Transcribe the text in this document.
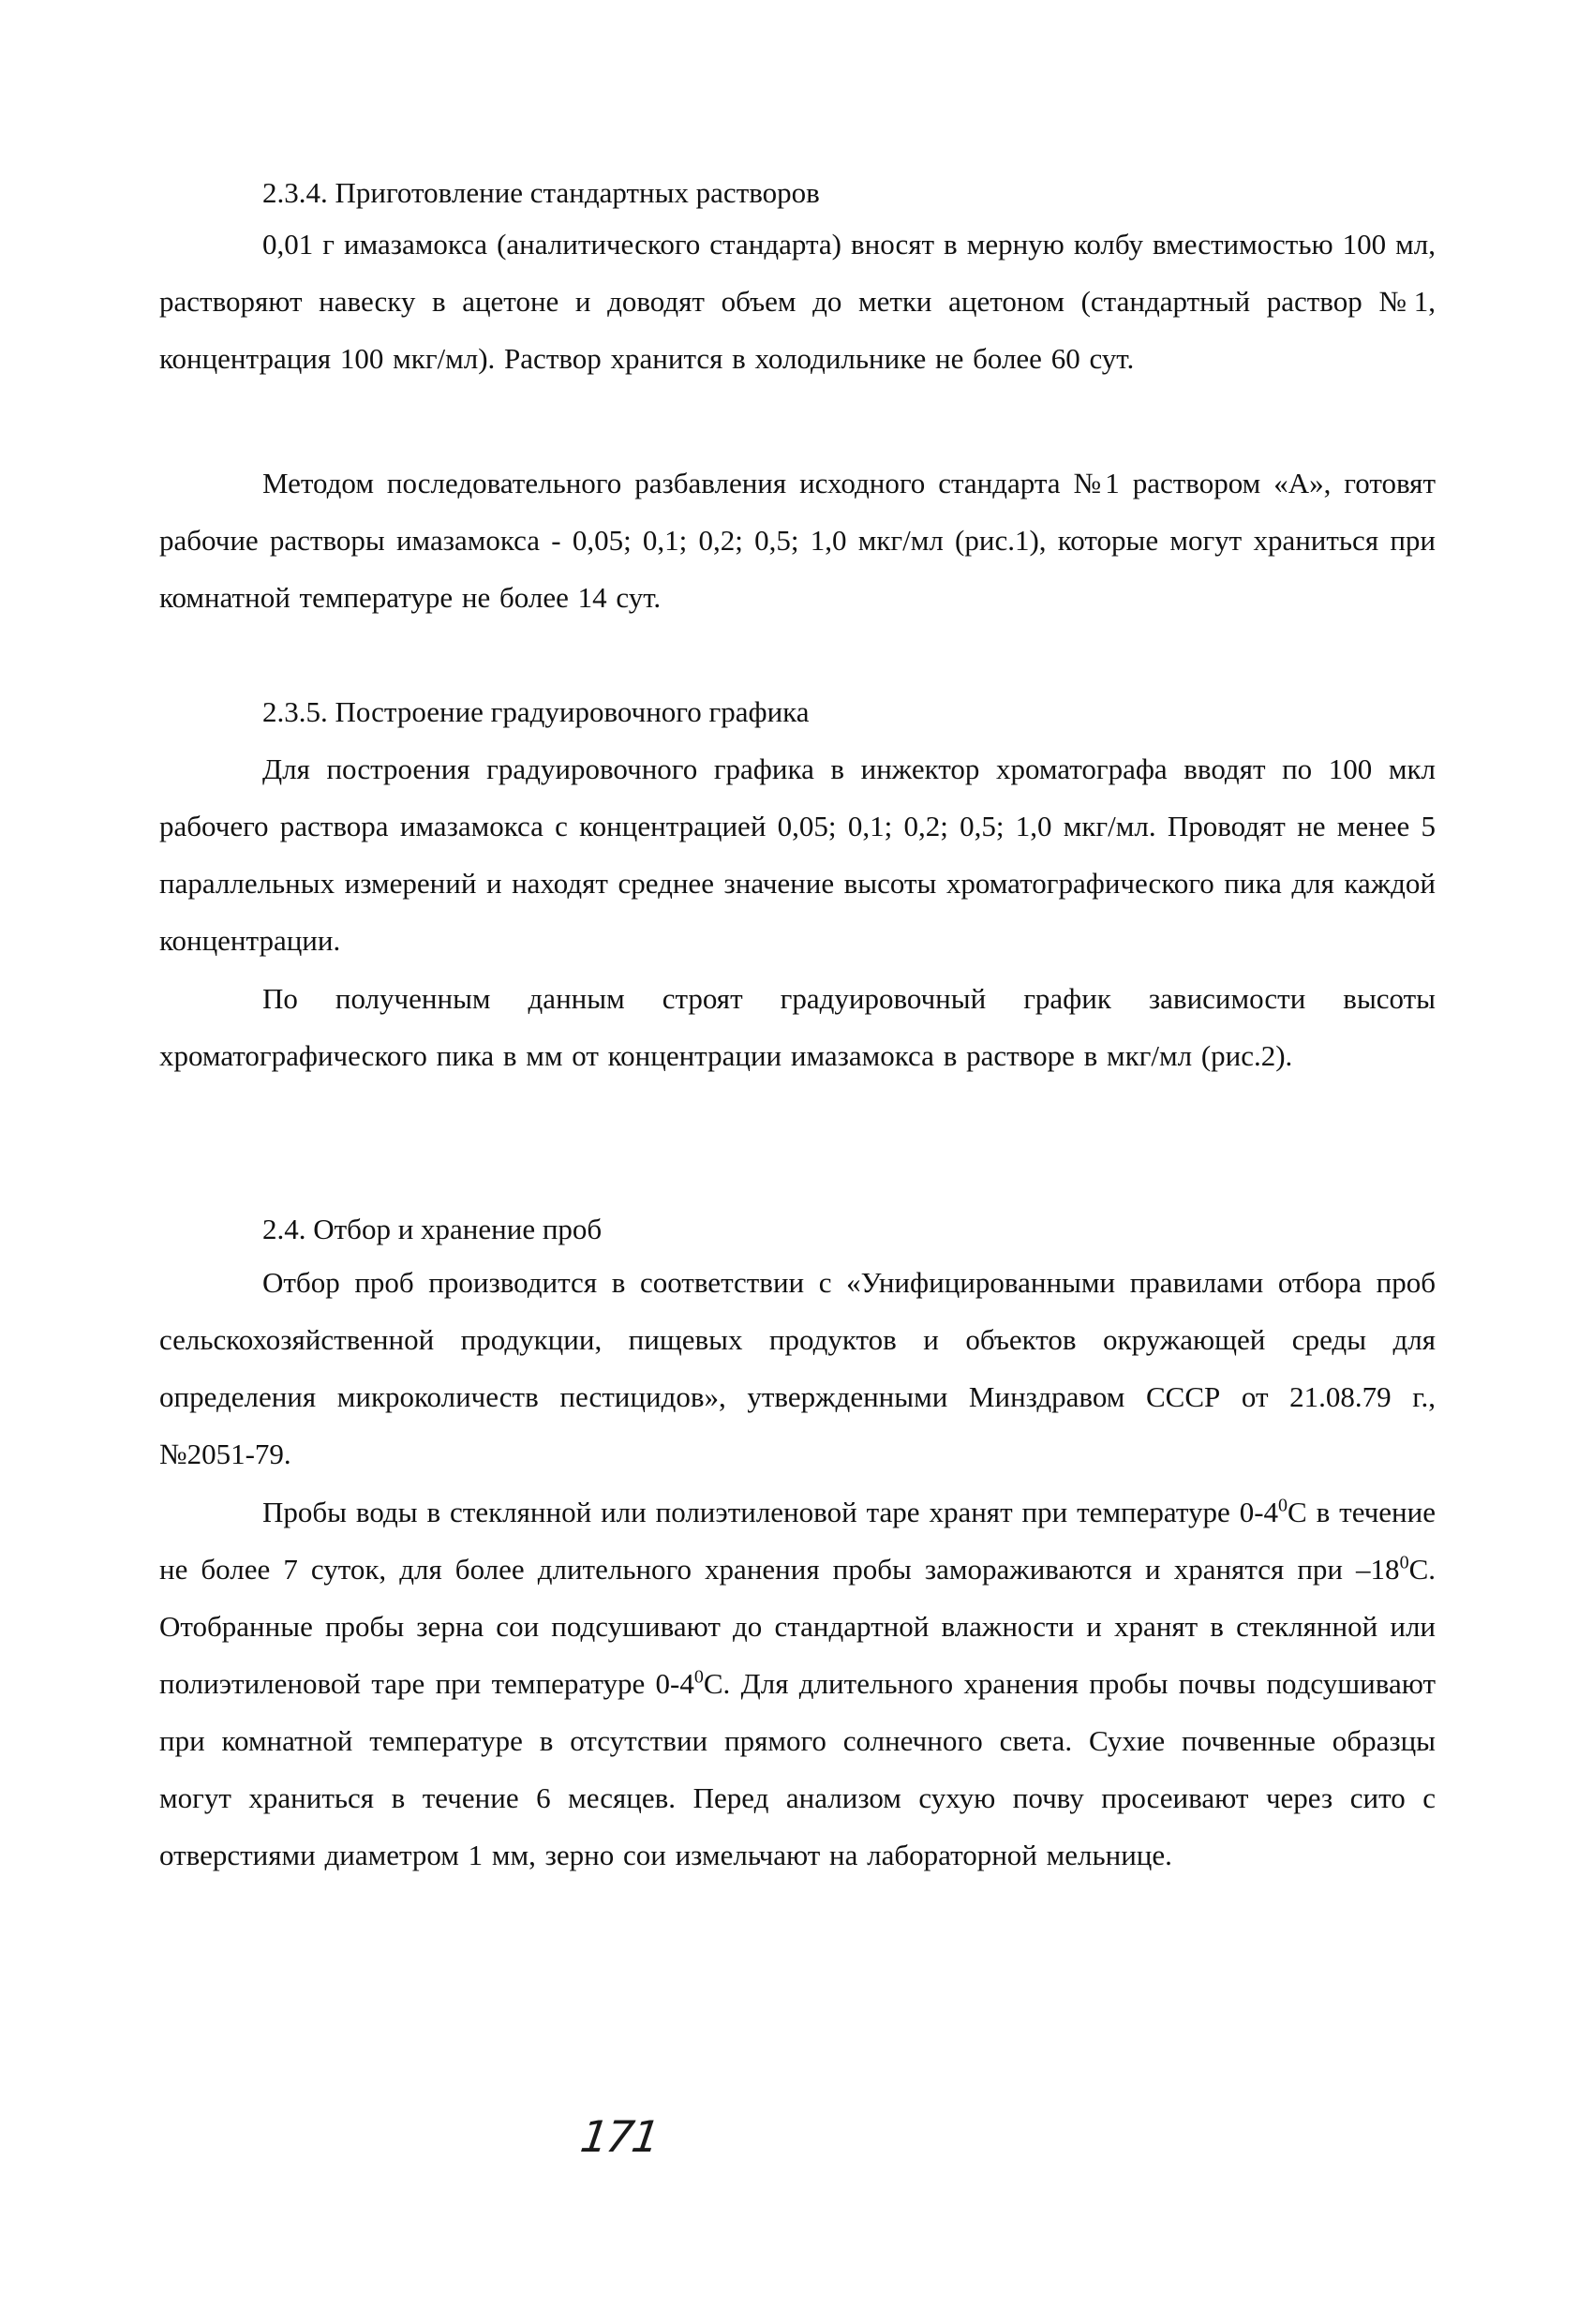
2.3.4. Приготовление стандартных растворов

0,01 г имазамокса (аналитического стандарта) вносят в мерную колбу вместимостью 100 мл, растворяют навеску в ацетоне и доводят объем до метки ацетоном (стандартный раствор №1, концентрация 100 мкг/мл). Раствор хранится в холодильнике не более 60 сут.

Методом последовательного разбавления исходного стандарта №1 раствором «А», готовят рабочие растворы имазамокса - 0,05; 0,1; 0,2; 0,5; 1,0 мкг/мл (рис.1), которые могут храниться при комнатной температуре не более 14 сут.

2.3.5. Построение градуировочного графика

Для построения градуировочного графика в инжектор хроматографа вводят по 100 мкл рабочего раствора имазамокса с концентрацией 0,05; 0,1; 0,2; 0,5; 1,0 мкг/мл. Проводят не менее 5 параллельных измерений и находят среднее значение высоты хроматографического пика для каждой концентрации.

По полученным данным строят градуировочный график зависимости высоты хроматографического пика в мм от концентрации имазамокса в растворе в мкг/мл (рис.2).

2.4. Отбор и хранение проб

Отбор проб производится в соответствии с «Унифицированными правилами отбора проб сельскохозяйственной продукции, пищевых продуктов и объектов окружающей среды для определения микроколичеств пестицидов», утвержденными Минздравом СССР от 21.08.79 г., №2051-79.

Пробы воды в стеклянной или полиэтиленовой таре хранят при температуре $0-4^0С$ в течение не более 7 суток, для более длительного хранения пробы замораживаются и хранятся при $-18^0С$. Отобранные пробы зерна сои подсушивают до стандартной влажности и хранят в стеклянной или полиэтиленовой таре при температуре $0-4^0С$. Для длительного хранения пробы почвы подсушивают при комнатной температуре в отсутствии прямого солнечного света. Сухие почвенные образцы могут храниться в течение 6 месяцев. Перед анализом сухую почву просеивают через сито с отверстиями диаметром 1 мм, зерно сои измельчают на лабораторной мельнице.

171
